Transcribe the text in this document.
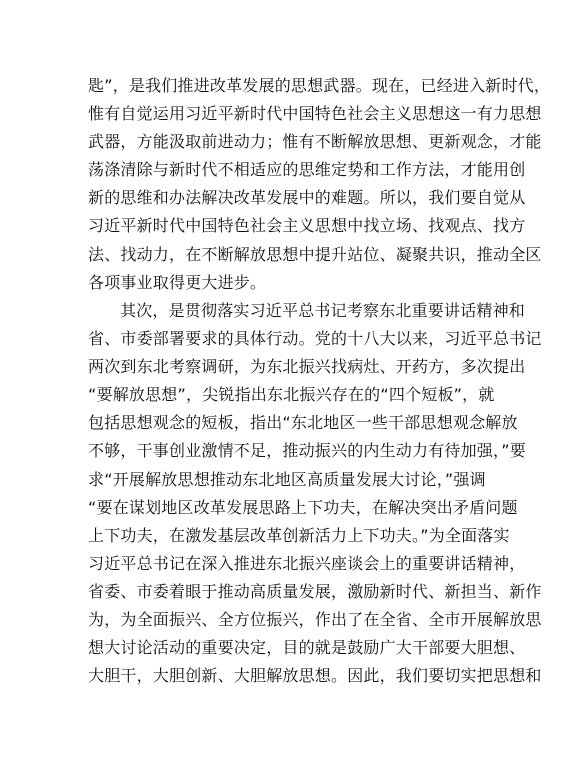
匙”，是我们推进改革发展的思想武器。现在，已经进入新时代，
惟有自觉运用习近平新时代中国特色社会主义思想这一有力思想
武器，方能汲取前进动力；惟有不断解放思想、更新观念，才能
荡涤清除与新时代不相适应的思维定势和工作方法，才能用创
新的思维和办法解决改革发展中的难题。所以，我们要自觉从
习近平新时代中国特色社会主义思想中找立场、找观点、找方
法、找动力，在不断解放思想中提升站位、凝聚共识，推动全区
各项事业取得更大进步。
其次，是贯彻落实习近平总书记考察东北重要讲话精神和
省、市委部署要求的具体行动。党的十八大以来，习近平总书记
两次到东北考察调研，为东北振兴找病灶、开药方，多次提出
“要解放思想”，尖锐指出东北振兴存在的“四个短板”，就
包括思想观念的短板，指出“东北地区一些干部思想观念解放
不够，干事创业激情不足，推动振兴的内生动力有待加强，”要
求“开展解放思想推动东北地区高质量发展大讨论，”强调
“要在谋划地区改革发展思路上下功夫，在解决突出矛盾问题
上下功夫，在激发基层改革创新活力上下功夫。”为全面落实
习近平总书记在深入推进东北振兴座谈会上的重要讲话精神，
省委、市委着眼于推动高质量发展，激励新时代、新担当、新作
为，为全面振兴、全方位振兴，作出了在全省、全市开展解放思
想大讨论活动的重要决定，目的就是鼓励广大干部要大胆想、
大胆干，大胆创新、大胆解放思想。因此，我们要切实把思想和
